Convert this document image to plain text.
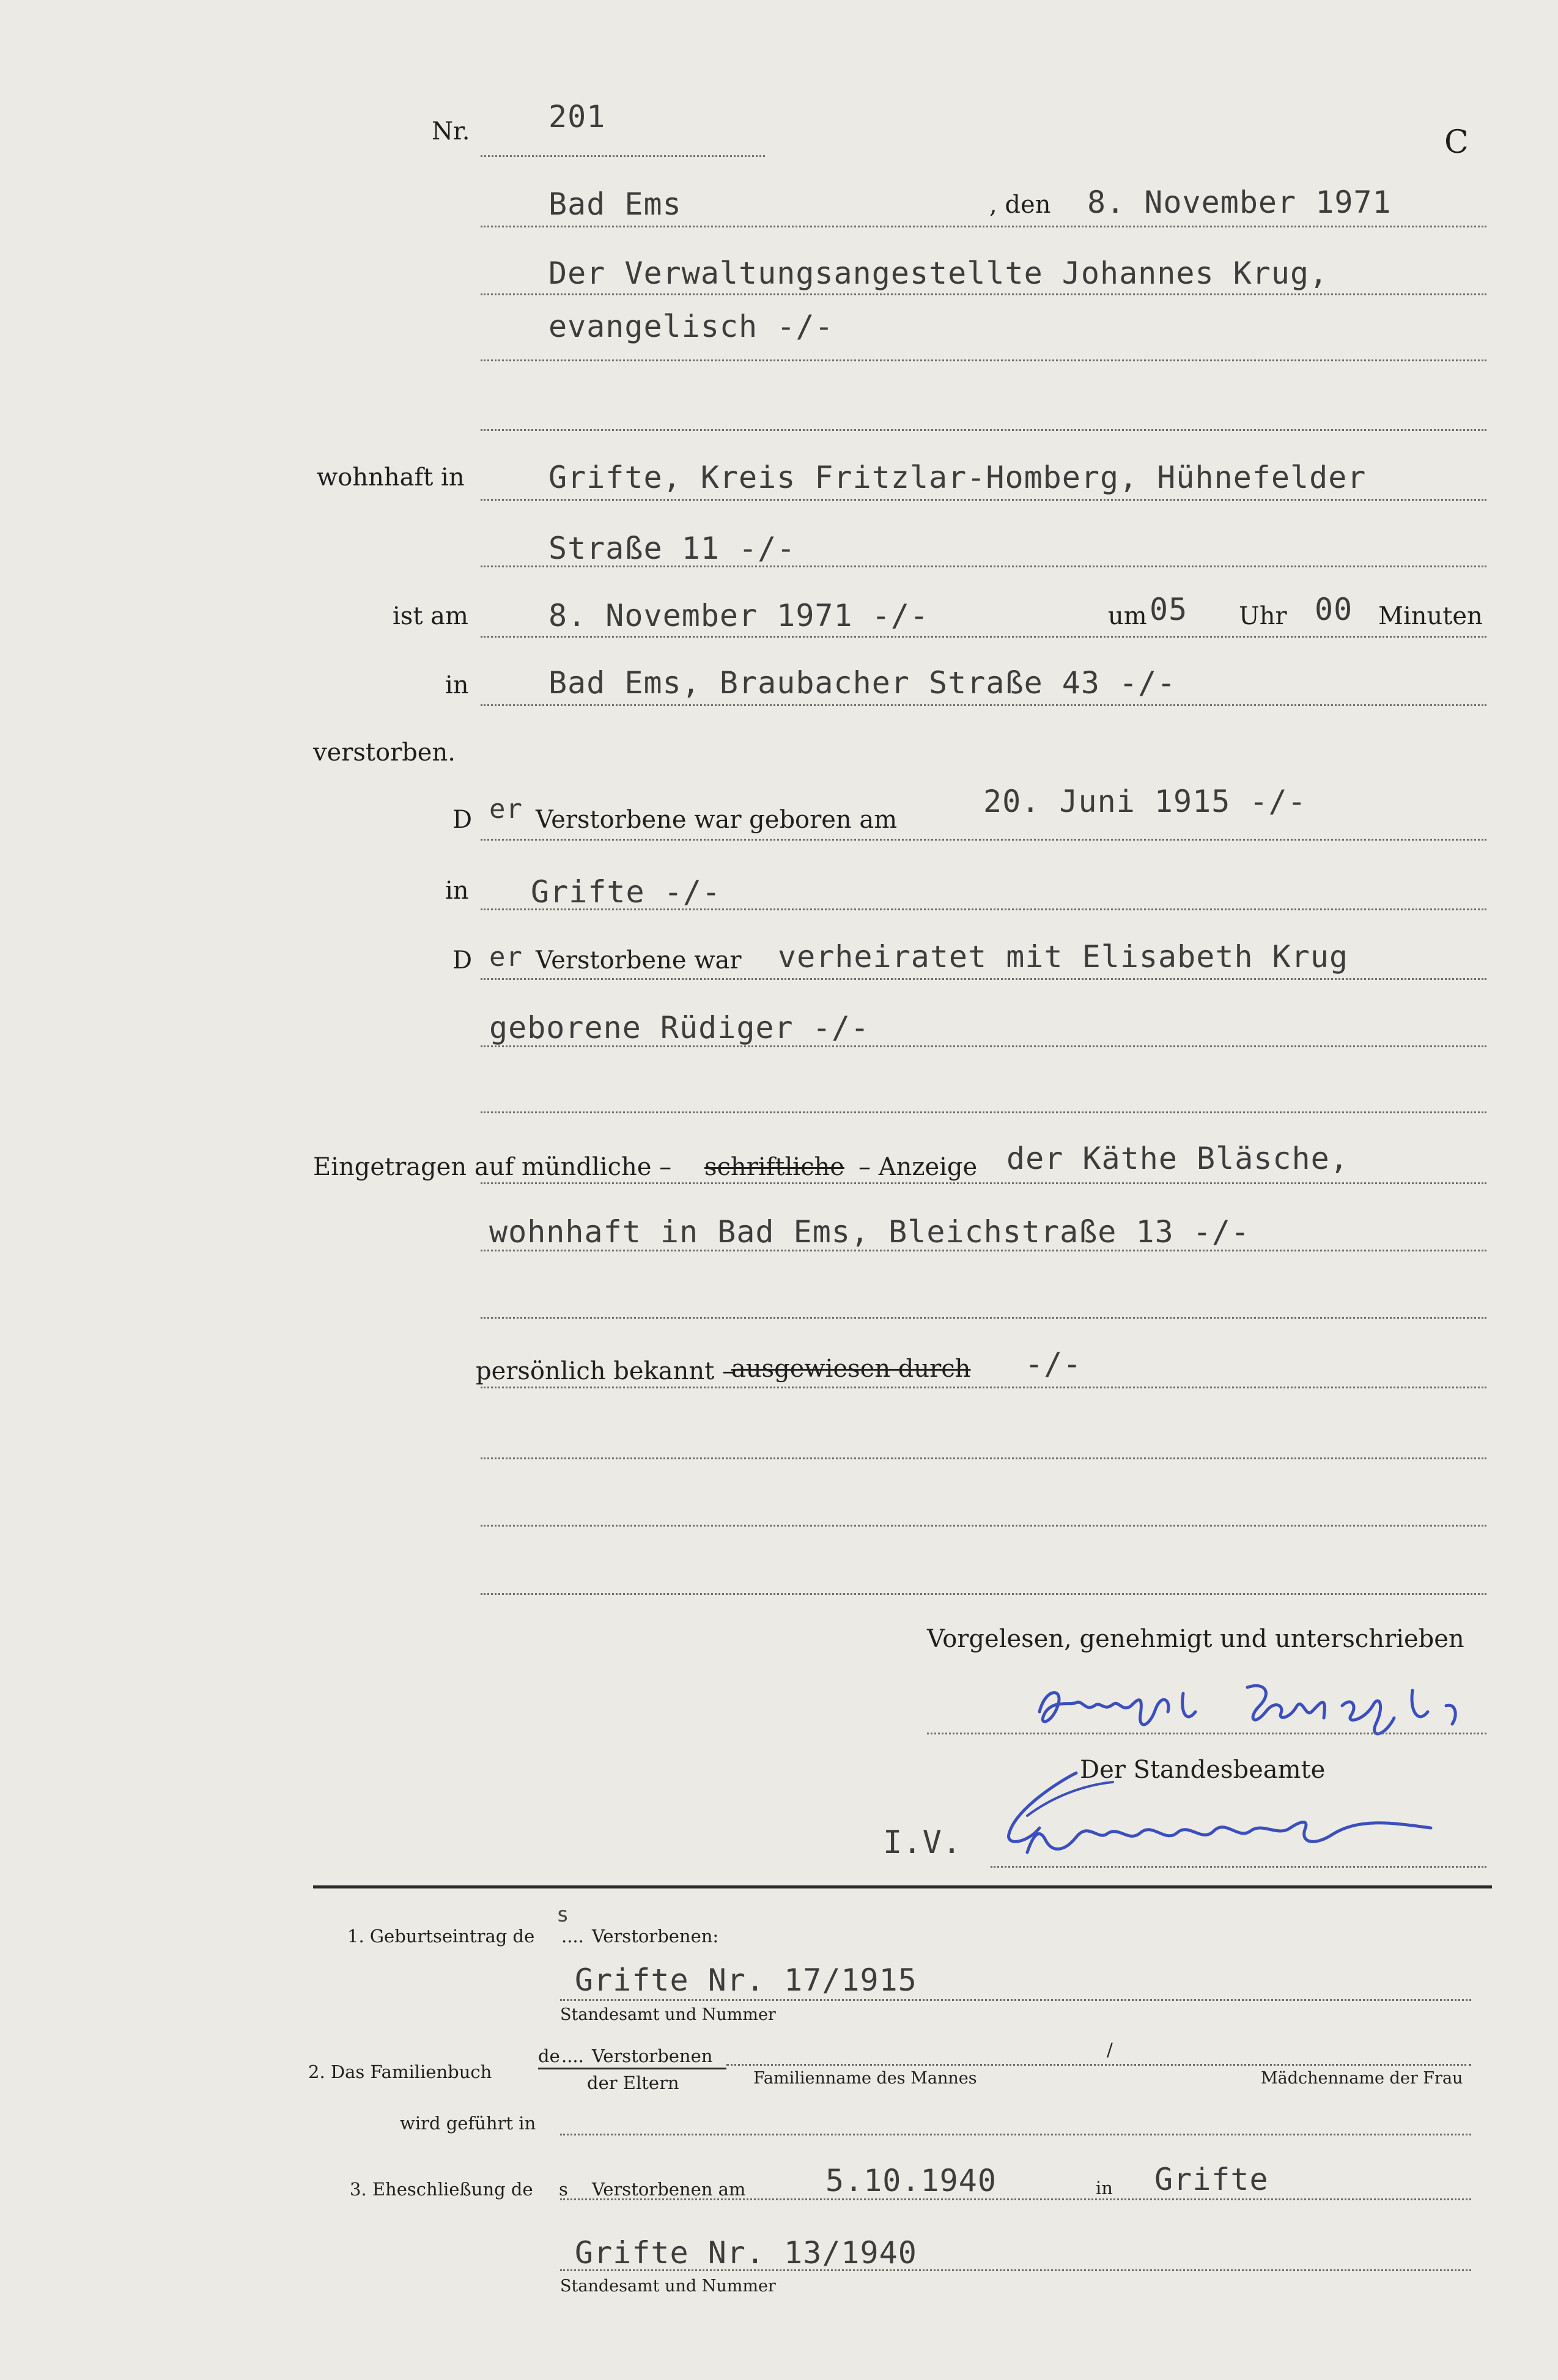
Nr.	201
C
Bad Ems	, den 8. November 1971
Der Verwaltungsangestellte Johannes Krug,
evangelisch -/-
wohnhaft in	Grifte, Kreis Fritzlar-Homberg, Hühnefelder
Straße 11 -/-
ist am	8. November 1971 -/-	um 05 Uhr 00 Minuten
in	Bad Ems, Braubacher Straße 43 -/-
verstorben.
D er Verstorbene war geboren am
20. Juni 1915 -/-
in Grifte -/-
D er Verstorbene war verheiratet mit Elisabeth Krug
geborene Rüdiger -/-
Eingetragen auf mündliche – schriftliche – Anzeige der Käthe Bläsche,
wohnhaft in Bad Ems, Bleichstraße 13 -/-
persönlich bekannt –
ausgewiesen durch -/-
Vorgelesen, genehmigt und unterschrieben
Käthe Bläsche
Der Standesbeamte
I.V.
Schmidt
1. Geburtseintrag de
s
.... Verstorbenen:
Grifte Nr. 17/1915
Standesamt und Nummer
2. Das Familienbuch
de .... Verstorbenen
der Eltern
/
Familienname des Mannes	Mädchenname der Frau
wird geführt in
3. Eheschließung de s Verstorbenen am	5.10.1940	in Grifte
Grifte Nr. 13/1940
Standesamt und Nummer
